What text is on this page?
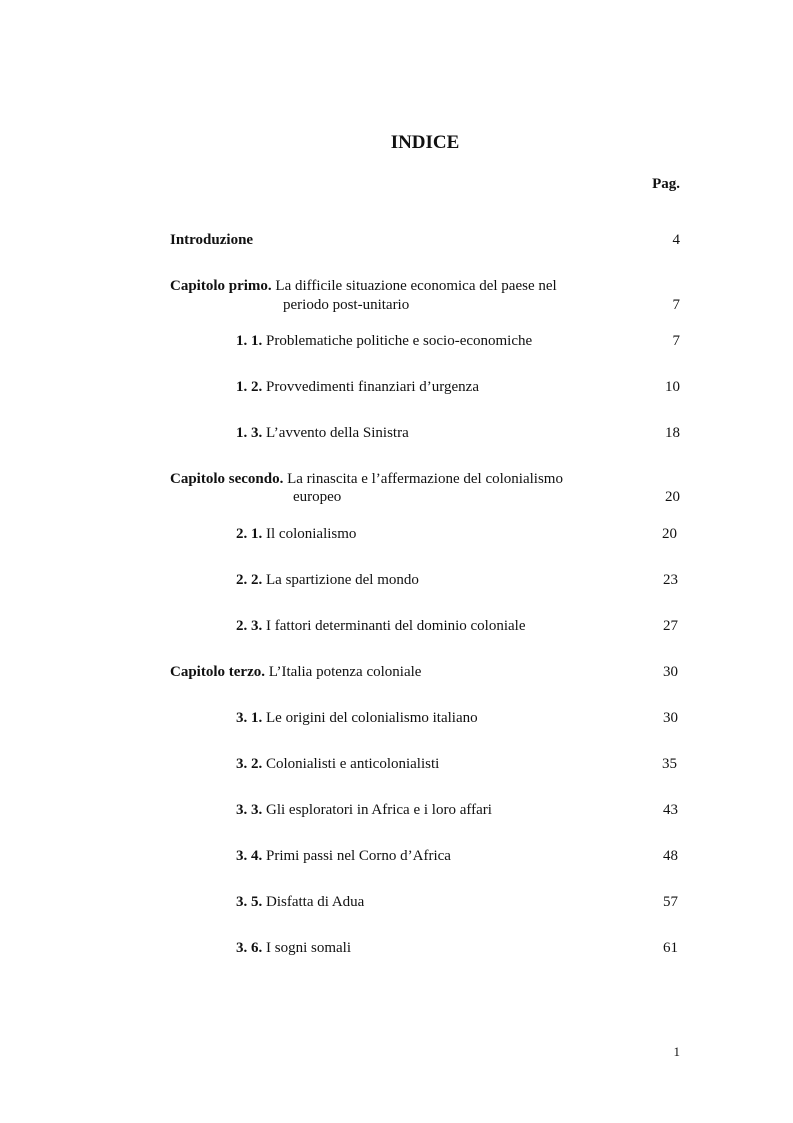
INDICE
Pag.
Introduzione	4
Capitolo primo. La difficile situazione economica del paese nel
periodo post-unitario	7
1. 1. Problematiche politiche e socio-economiche	7
1. 2. Provvedimenti finanziari d’urgenza	10
1. 3. L’avvento della Sinistra	18
Capitolo secondo. La rinascita e l’affermazione del colonialismo
europeo	20
2. 1. Il colonialismo	20
2. 2. La spartizione del mondo	23
2. 3. I fattori determinanti del dominio coloniale	27
Capitolo terzo. L’Italia potenza coloniale	30
3. 1. Le origini del colonialismo italiano	30
3. 2. Colonialisti e anticolonialisti	35
3. 3. Gli esploratori in Africa e i loro affari	43
3. 4. Primi passi nel Corno d’Africa	48
3. 5. Disfatta di Adua	57
3. 6. I sogni somali	61
1
